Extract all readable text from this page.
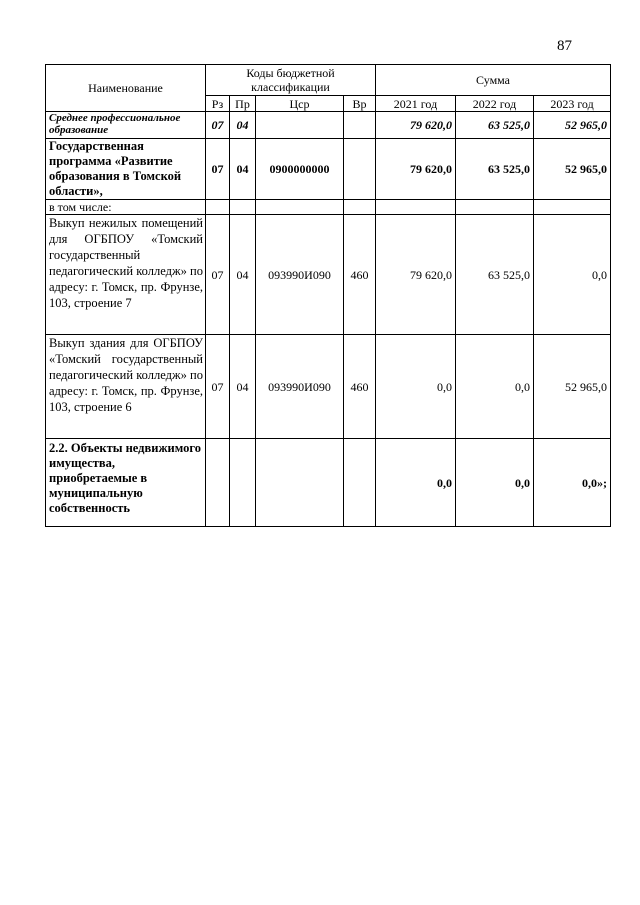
87
Наименование	Коды бюджетной классификации				Сумма		
	Рз	Пр	Цср	Вр	2021 год	2022 год	2023 год
Среднее профессиональное образование	07	04			79 620,0	63 525,0	52 965,0
Государственная программа «Развитие образования в Томской области»,	07	04	0900000000		79 620,0	63 525,0	52 965,0
в том числе:							
Выкуп нежилых помещений для ОГБПОУ «Томский государственный педагогический колледж» по адресу: г. Томск, пр. Фрунзе, 103, строение 7	07	04	093990И090	460	79 620,0	63 525,0	0,0
Выкуп здания для ОГБПОУ «Томский государственный педагогический колледж» по адресу: г. Томск, пр. Фрунзе, 103, строение 6	07	04	093990И090	460	0,0	0,0	52 965,0
2.2. Объекты недвижимого имущества, приобретаемые в муниципальную собственность					0,0	0,0	0,0»;
